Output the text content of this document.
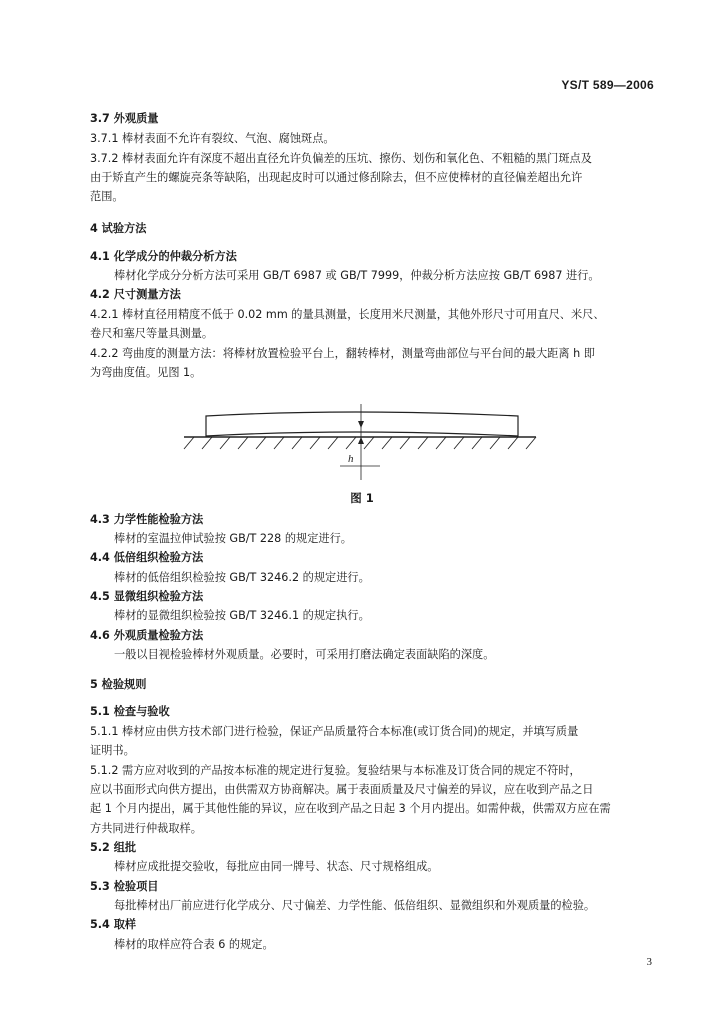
YS/T 589—2006
3.7 外观质量
3.7.1 棒材表面不允许有裂纹、气泡、腐蚀斑点。
3.7.2 棒材表面允许有深度不超出直径允许负偏差的压坑、擦伤、划伤和氧化色、不粗糙的黑门斑点及
由于矫直产生的螺旋亮条等缺陷，出现起皮时可以通过修刮除去，但不应使棒材的直径偏差超出允许
范围。
4 试验方法
4.1 化学成分的仲裁分析方法
棒材化学成分分析方法可采用 GB/T 6987 或 GB/T 7999，仲裁分析方法应按 GB/T 6987 进行。
4.2 尺寸测量方法
4.2.1 棒材直径用精度不低于 0.02 mm 的量具测量，长度用米尺测量，其他外形尺寸可用直尺、米尺、
卷尺和塞尺等量具测量。
4.2.2 弯曲度的测量方法：将棒材放置检验平台上，翻转棒材，测量弯曲部位与平台间的最大距离 h 即
为弯曲度值。见图 1。
h
图 1
4.3 力学性能检验方法
棒材的室温拉伸试验按 GB/T 228 的规定进行。
4.4 低倍组织检验方法
棒材的低倍组织检验按 GB/T 3246.2 的规定进行。
4.5 显微组织检验方法
棒材的显微组织检验按 GB/T 3246.1 的规定执行。
4.6 外观质量检验方法
一般以目视检验棒材外观质量。必要时，可采用打磨法确定表面缺陷的深度。
5 检验规则
5.1 检查与验收
5.1.1 棒材应由供方技术部门进行检验，保证产品质量符合本标准(或订货合同)的规定，并填写质量
证明书。
5.1.2 需方应对收到的产品按本标准的规定进行复验。复验结果与本标准及订货合同的规定不符时，
应以书面形式向供方提出，由供需双方协商解决。属于表面质量及尺寸偏差的异议，应在收到产品之日
起 1 个月内提出，属于其他性能的异议，应在收到产品之日起 3 个月内提出。如需仲裁，供需双方应在需
方共同进行仲裁取样。
5.2 组批
棒材应成批提交验收，每批应由同一牌号、状态、尺寸规格组成。
5.3 检验项目
每批棒材出厂前应进行化学成分、尺寸偏差、力学性能、低倍组织、显微组织和外观质量的检验。
5.4 取样
棒材的取样应符合表 6 的规定。
3
